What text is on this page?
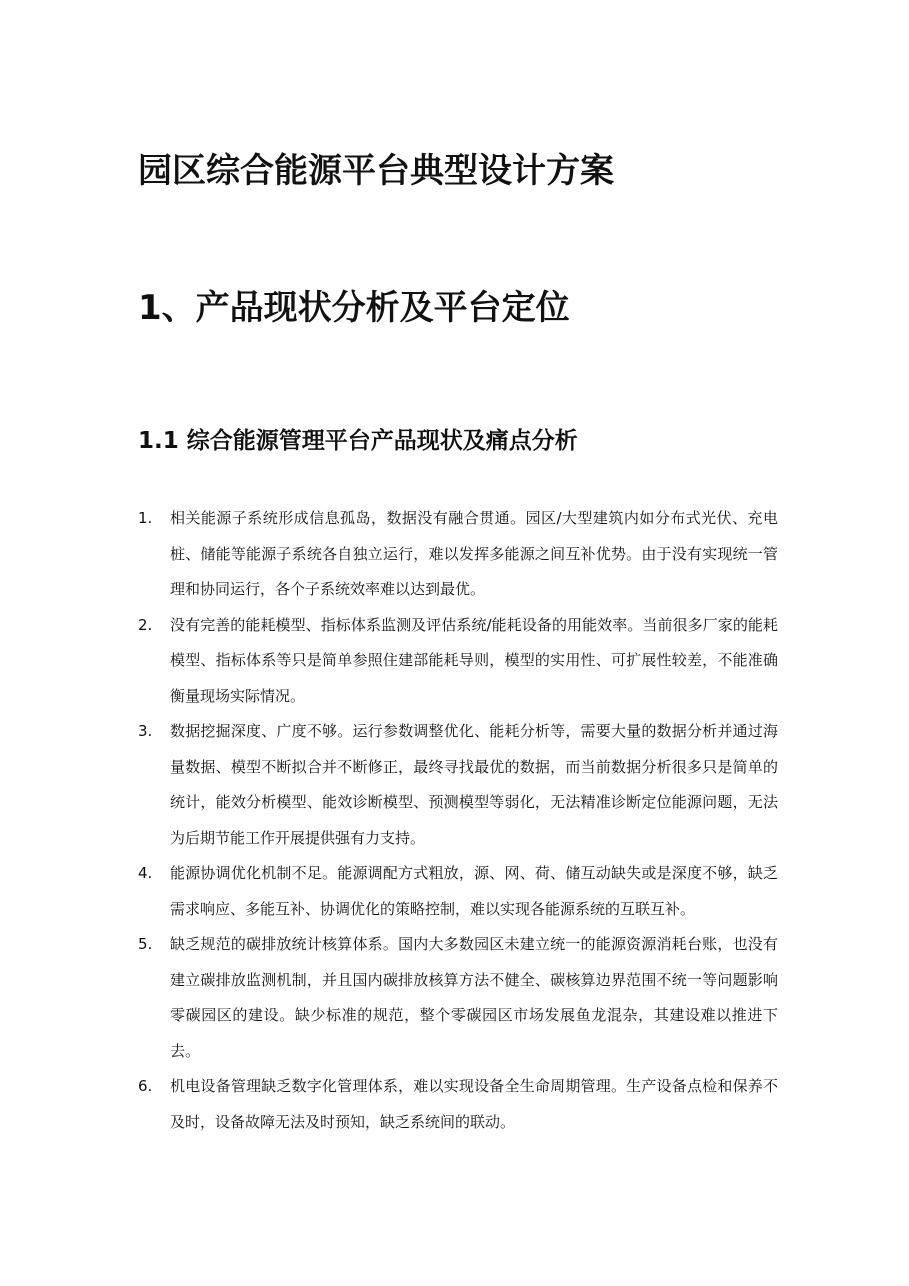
园区综合能源平台典型设计方案
1、产品现状分析及平台定位
1.1 综合能源管理平台产品现状及痛点分析
1. 相关能源子系统形成信息孤岛，数据没有融合贯通。园区/大型建筑内如分布式光伏、充电桩、储能等能源子系统各自独立运行，难以发挥多能源之间互补优势。由于没有实现统一管理和协同运行，各个子系统效率难以达到最优。
2. 没有完善的能耗模型、指标体系监测及评估系统/能耗设备的用能效率。当前很多厂家的能耗模型、指标体系等只是简单参照住建部能耗导则，模型的实用性、可扩展性较差，不能准确衡量现场实际情况。
3. 数据挖掘深度、广度不够。运行参数调整优化、能耗分析等，需要大量的数据分析并通过海量数据、模型不断拟合并不断修正，最终寻找最优的数据，而当前数据分析很多只是简单的统计，能效分析模型、能效诊断模型、预测模型等弱化，无法精准诊断定位能源问题，无法为后期节能工作开展提供强有力支持。
4. 能源协调优化机制不足。能源调配方式粗放，源、网、荷、储互动缺失或是深度不够，缺乏需求响应、多能互补、协调优化的策略控制，难以实现各能源系统的互联互补。
5. 缺乏规范的碳排放统计核算体系。国内大多数园区未建立统一的能源资源消耗台账，也没有建立碳排放监测机制，并且国内碳排放核算方法不健全、碳核算边界范围不统一等问题影响零碳园区的建设。缺少标准的规范，整个零碳园区市场发展鱼龙混杂，其建设难以推进下去。
6. 机电设备管理缺乏数字化管理体系，难以实现设备全生命周期管理。生产设备点检和保养不及时，设备故障无法及时预知，缺乏系统间的联动。
